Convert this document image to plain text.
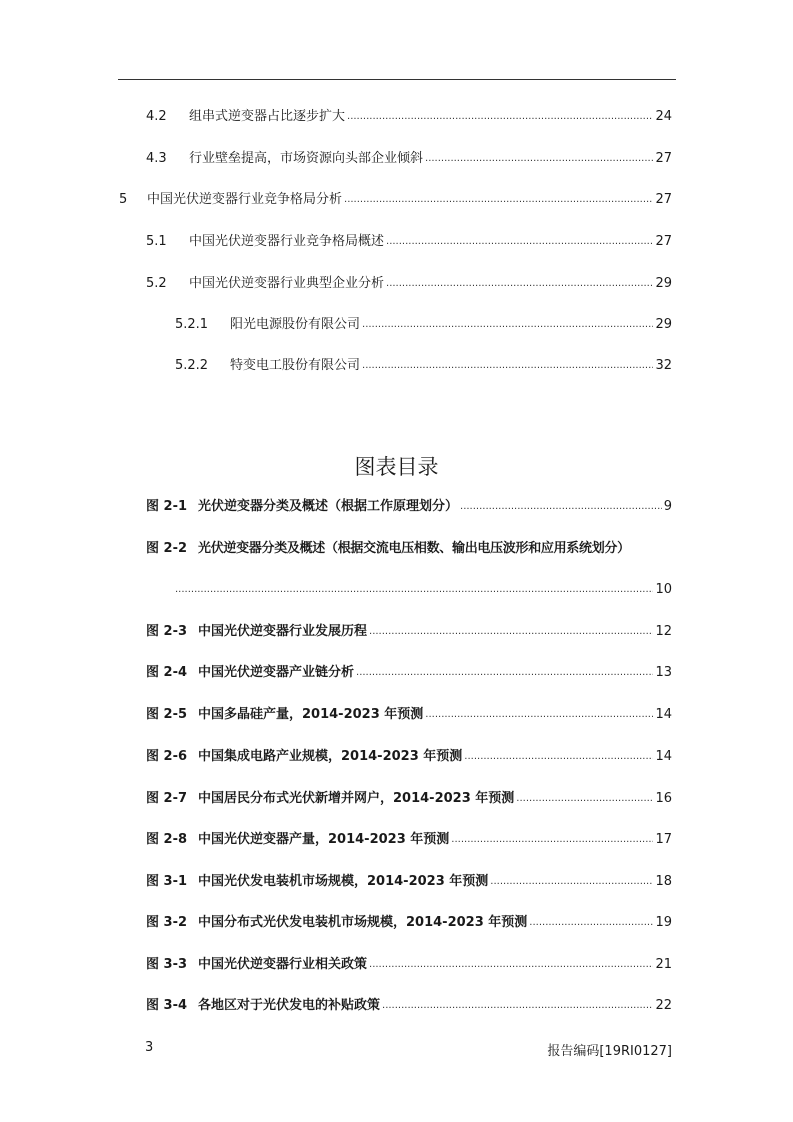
4.2	组串式逆变器占比逐步扩大 .....	24
4.3	行业壁垒提高，市场资源向头部企业倾斜 .....	27
5	中国光伏逆变器行业竞争格局分析 .....	27
5.1	中国光伏逆变器行业竞争格局概述 .....	27
5.2	中国光伏逆变器行业典型企业分析 .....	29
5.2.1	阳光电源股份有限公司 .....	29
5.2.2	特变电工股份有限公司 .....	32
图表目录
图 2-1 光伏逆变器分类及概述（根据工作原理划分） .....	9
图 2-2 光伏逆变器分类及概述（根据交流电压相数、输出电压波形和应用系统划分）
.....
10
图 2-3 中国光伏逆变器行业发展历程 .....	12
图 2-4 中国光伏逆变器产业链分析 .....	13
图 2-5 中国多晶硅产量，2014-2023 年预测 .....	14
图 2-6 中国集成电路产业规模，2014-2023 年预测 .....	14
图 2-7 中国居民分布式光伏新增并网户，2014-2023 年预测 .....	16
图 2-8 中国光伏逆变器产量，2014-2023 年预测 .....	17
图 3-1 中国光伏发电装机市场规模，2014-2023 年预测 .....	18
图 3-2 中国分布式光伏发电装机市场规模，2014-2023 年预测 .....	19
图 3-3 中国光伏逆变器行业相关政策 .....	21
图 3-4 各地区对于光伏发电的补贴政策 .....	22
3	报告编码[19RI0127]
